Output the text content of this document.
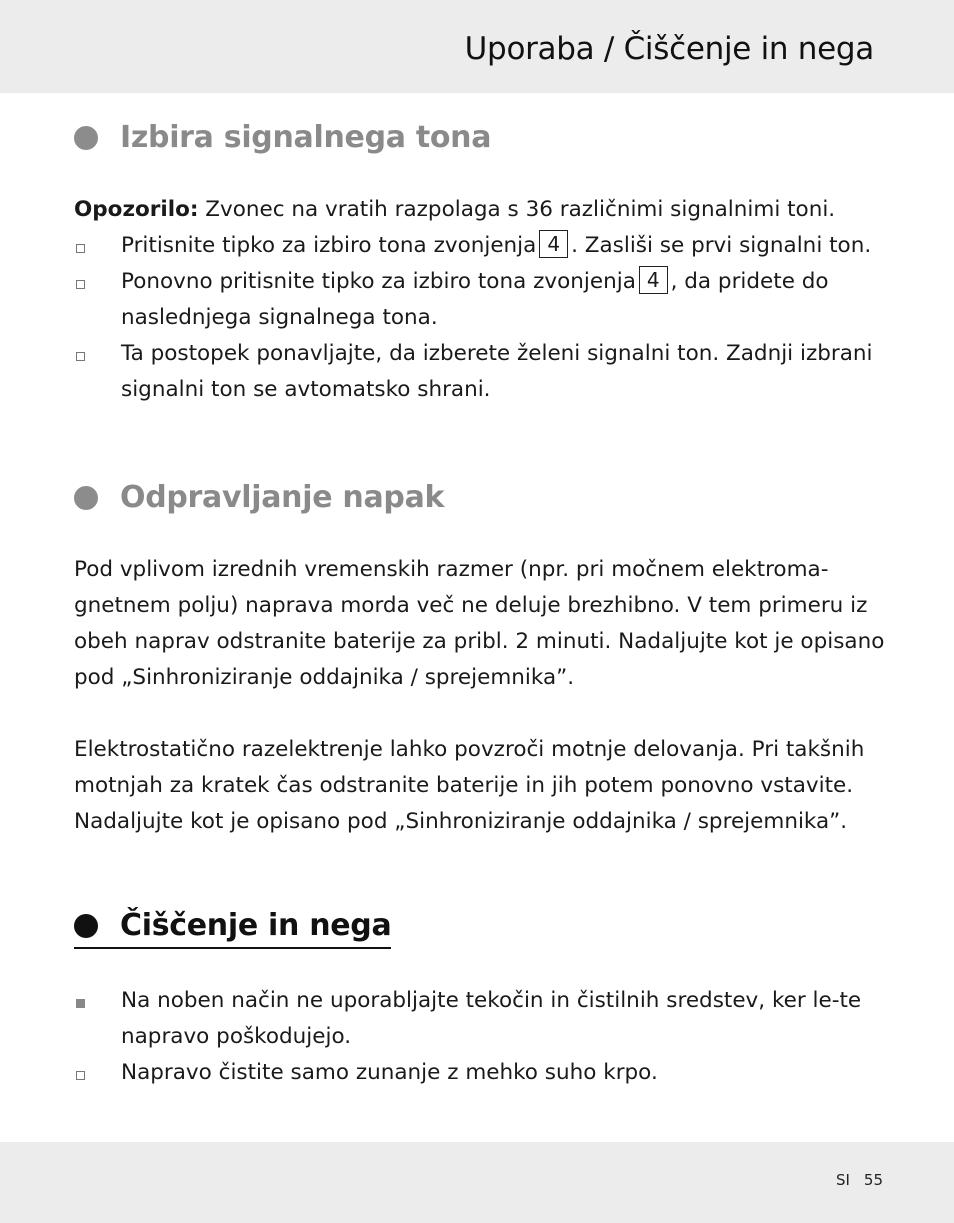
Uporaba / Čiščenje in nega
Izbira signalnega tona

Opozorilo: Zvonec na vratih razpolaga s 36 različnimi signalnimi toni.

Pritisnite tipko za izbiro tona zvonjenja 4 . Zasliši se prvi signalni ton.
Ponovno pritisnite tipko za izbiro tona zvonjenja 4 , da pridete do naslednjega signalnega tona.
Ta postopek ponavljajte, da izberete želeni signalni ton. Zadnji izbrani signalni ton se avtomatsko shrani.
Odpravljanje napak

Pod vplivom izrednih vremenskih razmer (npr. pri močnem elektroma-gnetnem polju) naprava morda več ne deluje brezhibno. V tem primeru iz obeh naprav odstranite baterije za pribl. 2 minuti. Nadaljujte kot je opisano pod „Sinhroniziranje oddajnika / sprejemnika”.

Elektrostatično razelektrenje lahko povzroči motnje delovanja. Pri takšnih motnjah za kratek čas odstranite baterije in jih potem ponovno vstavite. Nadaljujte kot je opisano pod „Sinhroniziranje oddajnika / sprejemnika”.

Čiščenje in nega
Na noben način ne uporabljajte tekočin in čistilnih sredstev, ker le-te napravo poškodujejo.
Napravo čistite samo zunanje z mehko suho krpo.
SI 55
